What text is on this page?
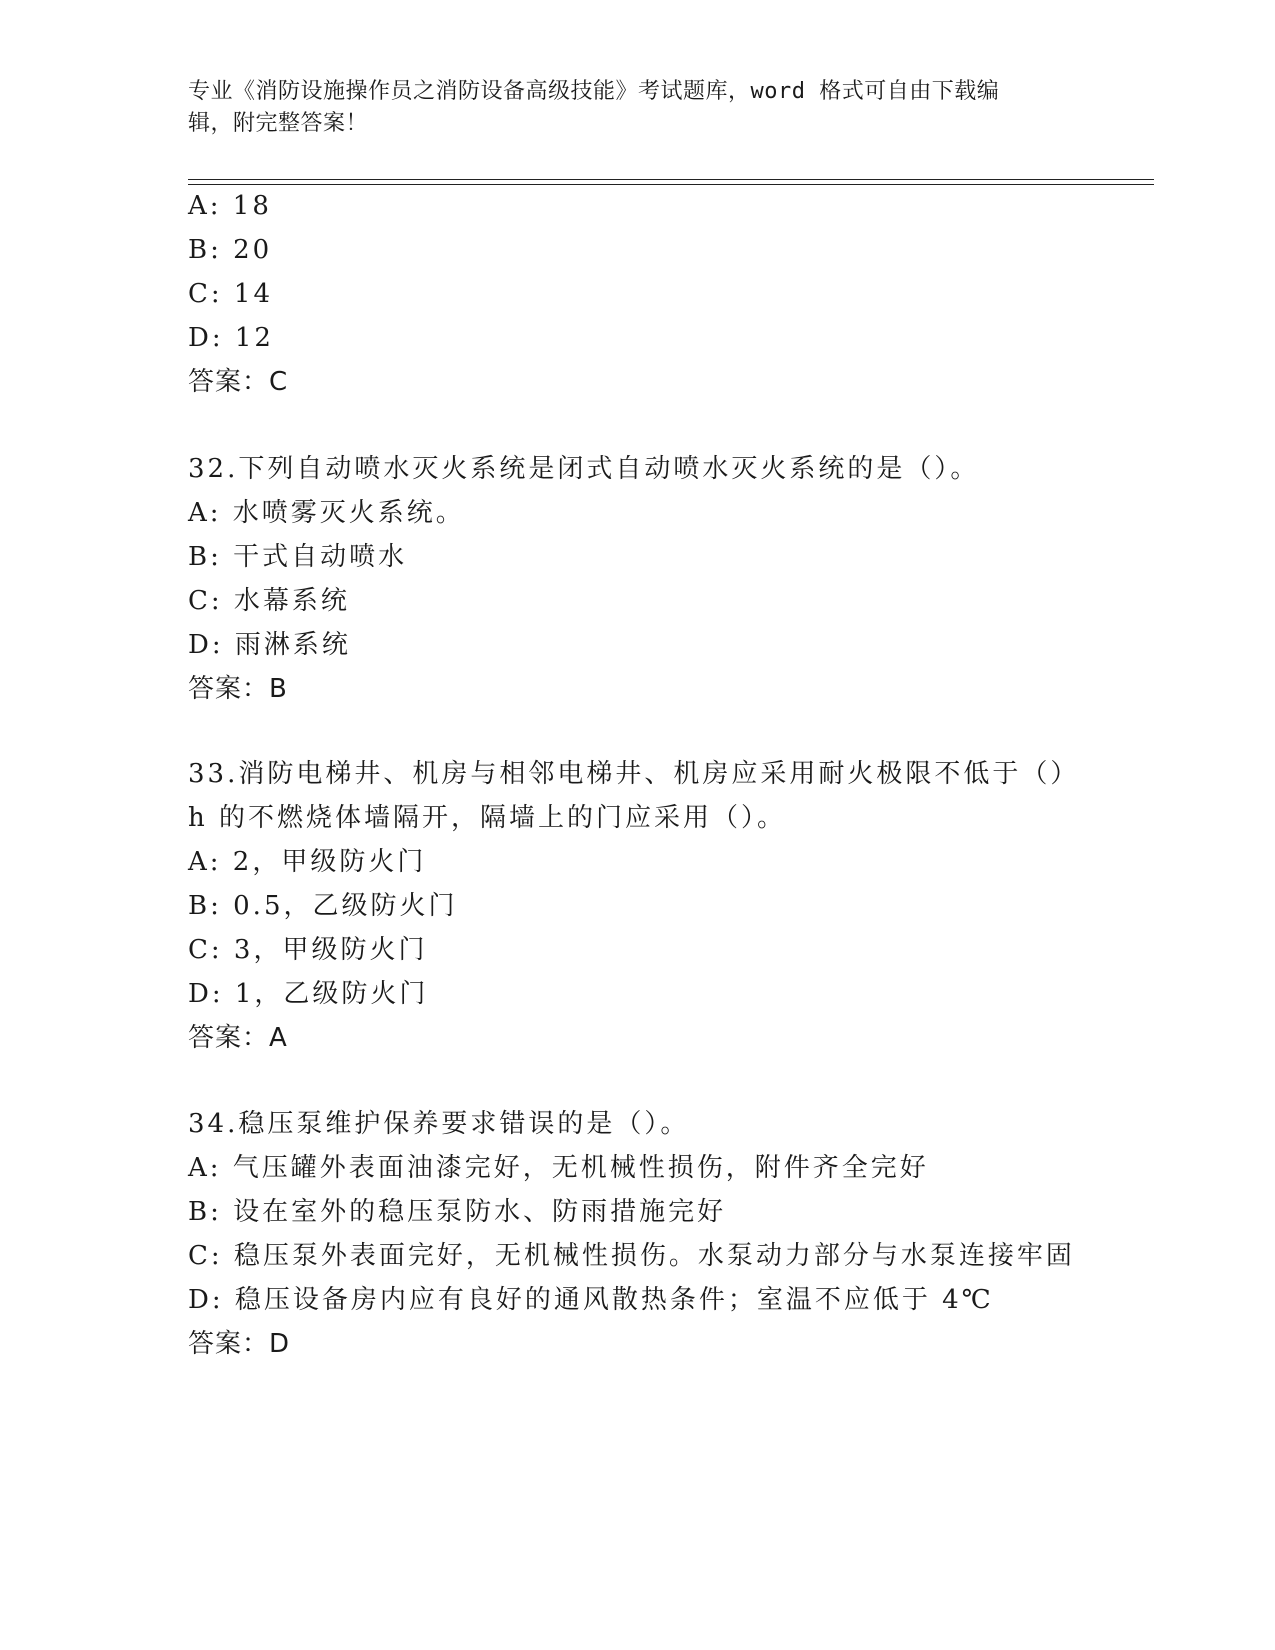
专业《消防设施操作员之消防设备高级技能》考试题库，word 格式可自由下载编
辑，附完整答案！
A: 18
B: 20
C: 14
D: 12
答案：C
32.下列自动喷水灭火系统是闭式自动喷水灭火系统的是（）。
A: 水喷雾灭火系统。
B: 干式自动喷水
C: 水幕系统
D: 雨淋系统
答案：B
33.消防电梯井、机房与相邻电梯井、机房应采用耐火极限不低于（）
h 的不燃烧体墙隔开，隔墙上的门应采用（）。
A: 2，甲级防火门
B: 0.5，乙级防火门
C: 3，甲级防火门
D: 1，乙级防火门
答案：A
34.稳压泵维护保养要求错误的是（）。
A: 气压罐外表面油漆完好，无机械性损伤，附件齐全完好
B: 设在室外的稳压泵防水、防雨措施完好
C: 稳压泵外表面完好，无机械性损伤。水泵动力部分与水泵连接牢固
D: 稳压设备房内应有良好的通风散热条件；室温不应低于 4℃
答案：D
